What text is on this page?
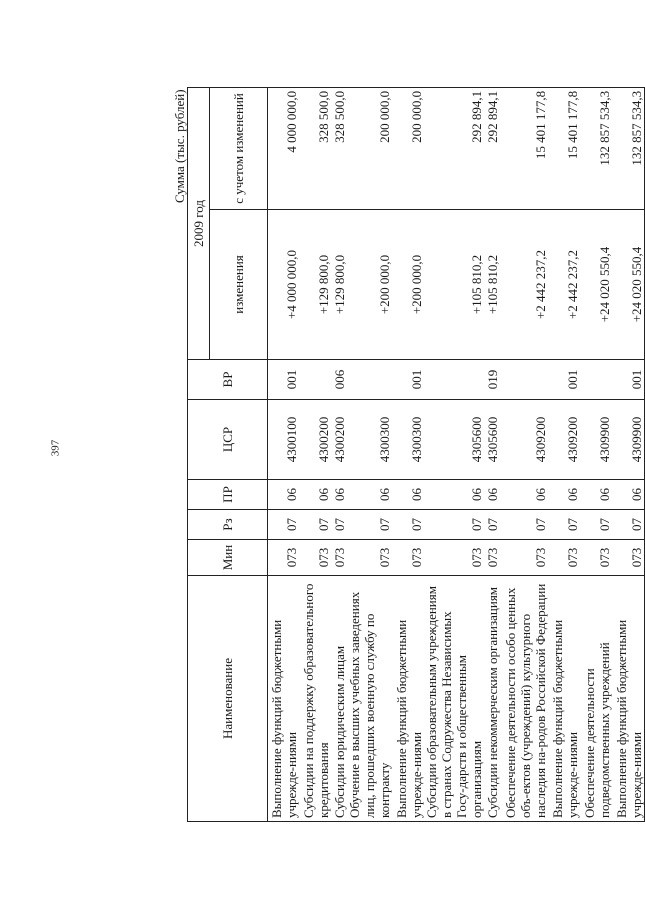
397
Сумма (тыс. рублей)							
Наименование	Мин	Рз	ПР	ЦСР	ВР	2009 год	
						изменения	с учетом изменений
Выполнение функций бюджетными учрежде-ниями	073	07	06	4300100	001	+4 000 000,0	4 000 000,0
Субсидии на поддержку образовательного кредитования	073	07	06	4300200		+129 800,0	328 500,0
Субсидии юридическим лицам	073	07	06	4300200	006	+129 800,0	328 500,0
Обучение в высших учебных заведениях лиц, прошедших военную службу по контракту	073	07	06	4300300		+200 000,0	200 000,0
Выполнение функций бюджетными учрежде-ниями	073	07	06	4300300	001	+200 000,0	200 000,0
Субсидии образовательным учреждениям в странах Содружества Независимых Госу-дарств и общественным организациям	073	07	06	4305600		+105 810,2	292 894,1
Субсидии некоммерческим организациям	073	07	06	4305600	019	+105 810,2	292 894,1
Обеспечение деятельности особо ценных объ-ектов (учреждений) культурного наследия на-родов Российской Федерации	073	07	06	4309200		+2 442 237,2	15 401 177,8
Выполнение функций бюджетными учрежде-ниями	073	07	06	4309200	001	+2 442 237,2	15 401 177,8
Обеспечение деятельности подведомственных учреждений	073	07	06	4309900		+24 020 550,4	132 857 534,3
Выполнение функций бюджетными учрежде-ниями	073	07	06	4309900	001	+24 020 550,4	132 857 534,3
